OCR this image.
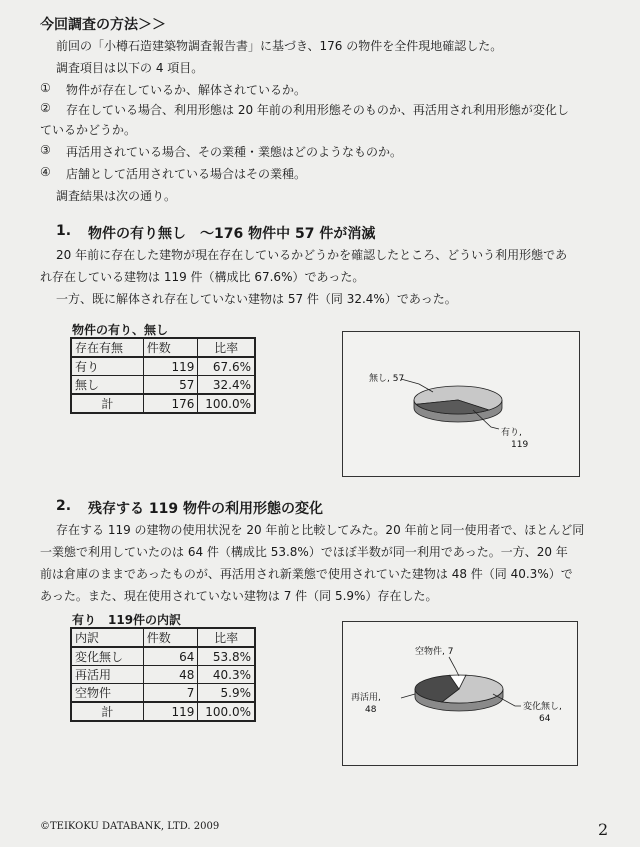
今回調査の方法＞＞
前回の「小樽石造建築物調査報告書」に基づき、176 の物件を全件現地確認した。
調査項目は以下の 4 項目。
① 物件が存在しているか、解体されているか。
② 存在している場合、利用形態は 20 年前の利用形態そのものか、再活用され利用形態が変化し
ているかどうか。
③ 再活用されている場合、その業種・業態はどのようなものか。
④ 店舗として活用されている場合はその業種。
調査結果は次の通り。
1. 物件の有り無し　～176 物件中 57 件が消滅
20 年前に存在した建物が現在存在しているかどうかを確認したところ、どういう利用形態であ
れ存在している建物は 119 件（構成比 67.6%）であった。
一方、既に解体され存在していない建物は 57 件（同 32.4%）であった。
物件の有り、無し
存在有無	件数	比率
有り	119	67.6%
無し	57	32.4%
計	176	100.0%
有り, 119
無し, 57
2. 残存する 119 物件の利用形態の変化
存在する 119 の建物の使用状況を 20 年前と比較してみた。20 年前と同一使用者で、ほとんど同
一業態で利用していたのは 64 件（構成比 53.8%）でほぼ半数が同一利用であった。一方、20 年
前は倉庫のままであったものが、再活用され新業態で使用されていた建物は 48 件（同 40.3%）で
あった。また、現在使用されていない建物は 7 件（同 5.9%）存在した。
有り　119件の内訳
内訳	件数	比率
変化無し	64	53.8%
再活用	48	40.3%
空物件	7	5.9%
計	119	100.0%	変化無し, 64
再活用, 48
空物件, 7
©TEIKOKU DATABANK, LTD. 2009	2
